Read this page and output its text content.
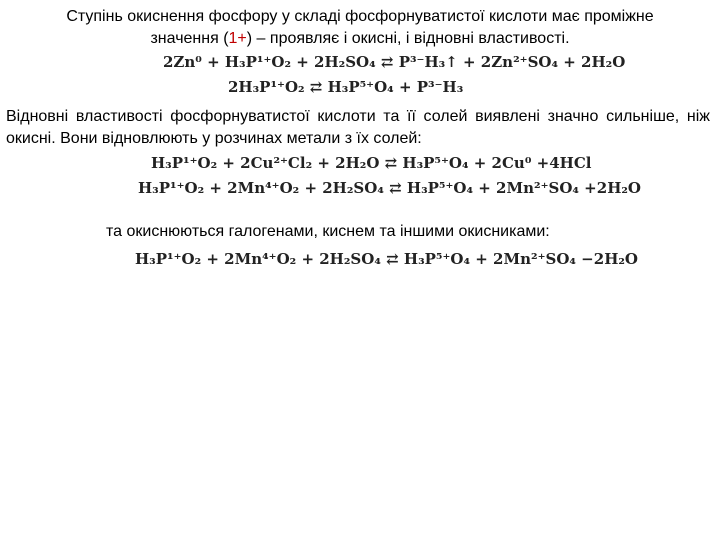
Ступінь окиснення фосфору у складі фосфорнуватистої кислоти має проміжне
значення (1+) – проявляє і окисні, і відновні властивості.
2Zn⁰ + H₃P¹⁺O₂ + 2H₂SO₄ ⇄ P³⁻H₃↑ + 2Zn²⁺SO₄ + 2H₂O
2H₃P¹⁺O₂ ⇄ H₃P⁵⁺O₄ + P³⁻H₃
Відновні властивості фосфорнуватистої кислоти та її солей виявлені значно сильніше, ніж окисні. Вони відновлюють у розчинах метали з їх солей:
H₃P¹⁺O₂ + 2Cu²⁺Cl₂ + 2H₂O ⇄ H₃P⁵⁺O₄ + 2Cu⁰ +4HCl
H₃P¹⁺O₂ + 2Mn⁴⁺O₂ + 2H₂SO₄ ⇄ H₃P⁵⁺O₄ + 2Mn²⁺SO₄ +2H₂O
та окиснюються галогенами, киснем та іншими окисниками:
H₃P¹⁺O₂ + 2Mn⁴⁺O₂ + 2H₂SO₄ ⇄ H₃P⁵⁺O₄ + 2Mn²⁺SO₄ −2H₂O
